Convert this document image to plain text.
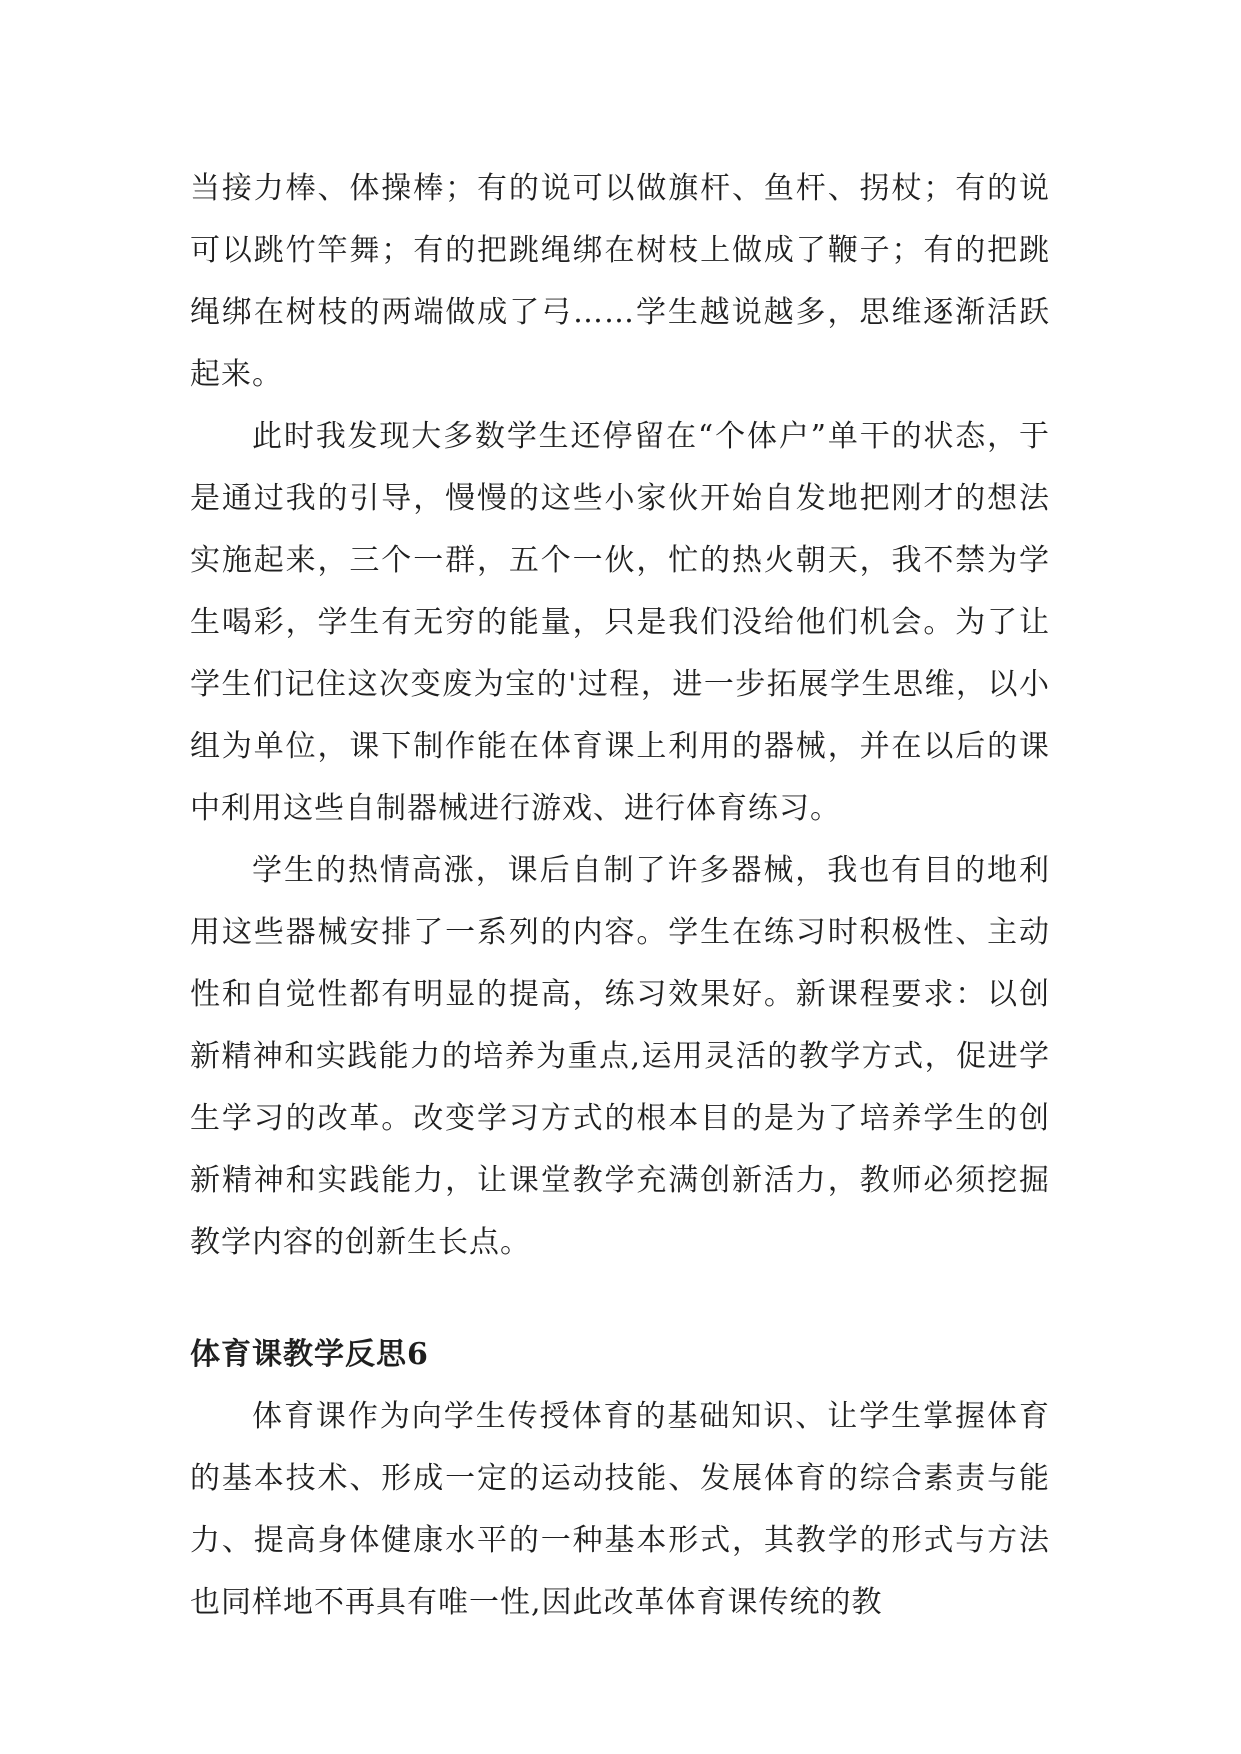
当接力棒、体操棒；有的说可以做旗杆、鱼杆、拐杖；有的说可以跳竹竿舞；有的把跳绳绑在树枝上做成了鞭子；有的把跳绳绑在树枝的两端做成了弓……学生越说越多，思维逐渐活跃起来。

此时我发现大多数学生还停留在“个体户”单干的状态，于是通过我的引导，慢慢的这些小家伙开始自发地把刚才的想法实施起来，三个一群，五个一伙，忙的热火朝天，我不禁为学生喝彩，学生有无穷的能量，只是我们没给他们机会。为了让学生们记住这次变废为宝的'过程，进一步拓展学生思维，以小组为单位，课下制作能在体育课上利用的器械，并在以后的课中利用这些自制器械进行游戏、进行体育练习。

学生的热情高涨，课后自制了许多器械，我也有目的地利用这些器械安排了一系列的内容。学生在练习时积极性、主动性和自觉性都有明显的提高，练习效果好。新课程要求：以创新精神和实践能力的培养为重点,运用灵活的教学方式，促进学生学习的改革。改变学习方式的根本目的是为了培养学生的创新精神和实践能力，让课堂教学充满创新活力，教师必须挖掘教学内容的创新生长点。

体育课教学反思6

体育课作为向学生传授体育的基础知识、让学生掌握体育的基本技术、形成一定的运动技能、发展体育的综合素责与能力、提高身体健康水平的一种基本形式，其教学的形式与方法也同样地不再具有唯一性,因此改革体育课传统的教
